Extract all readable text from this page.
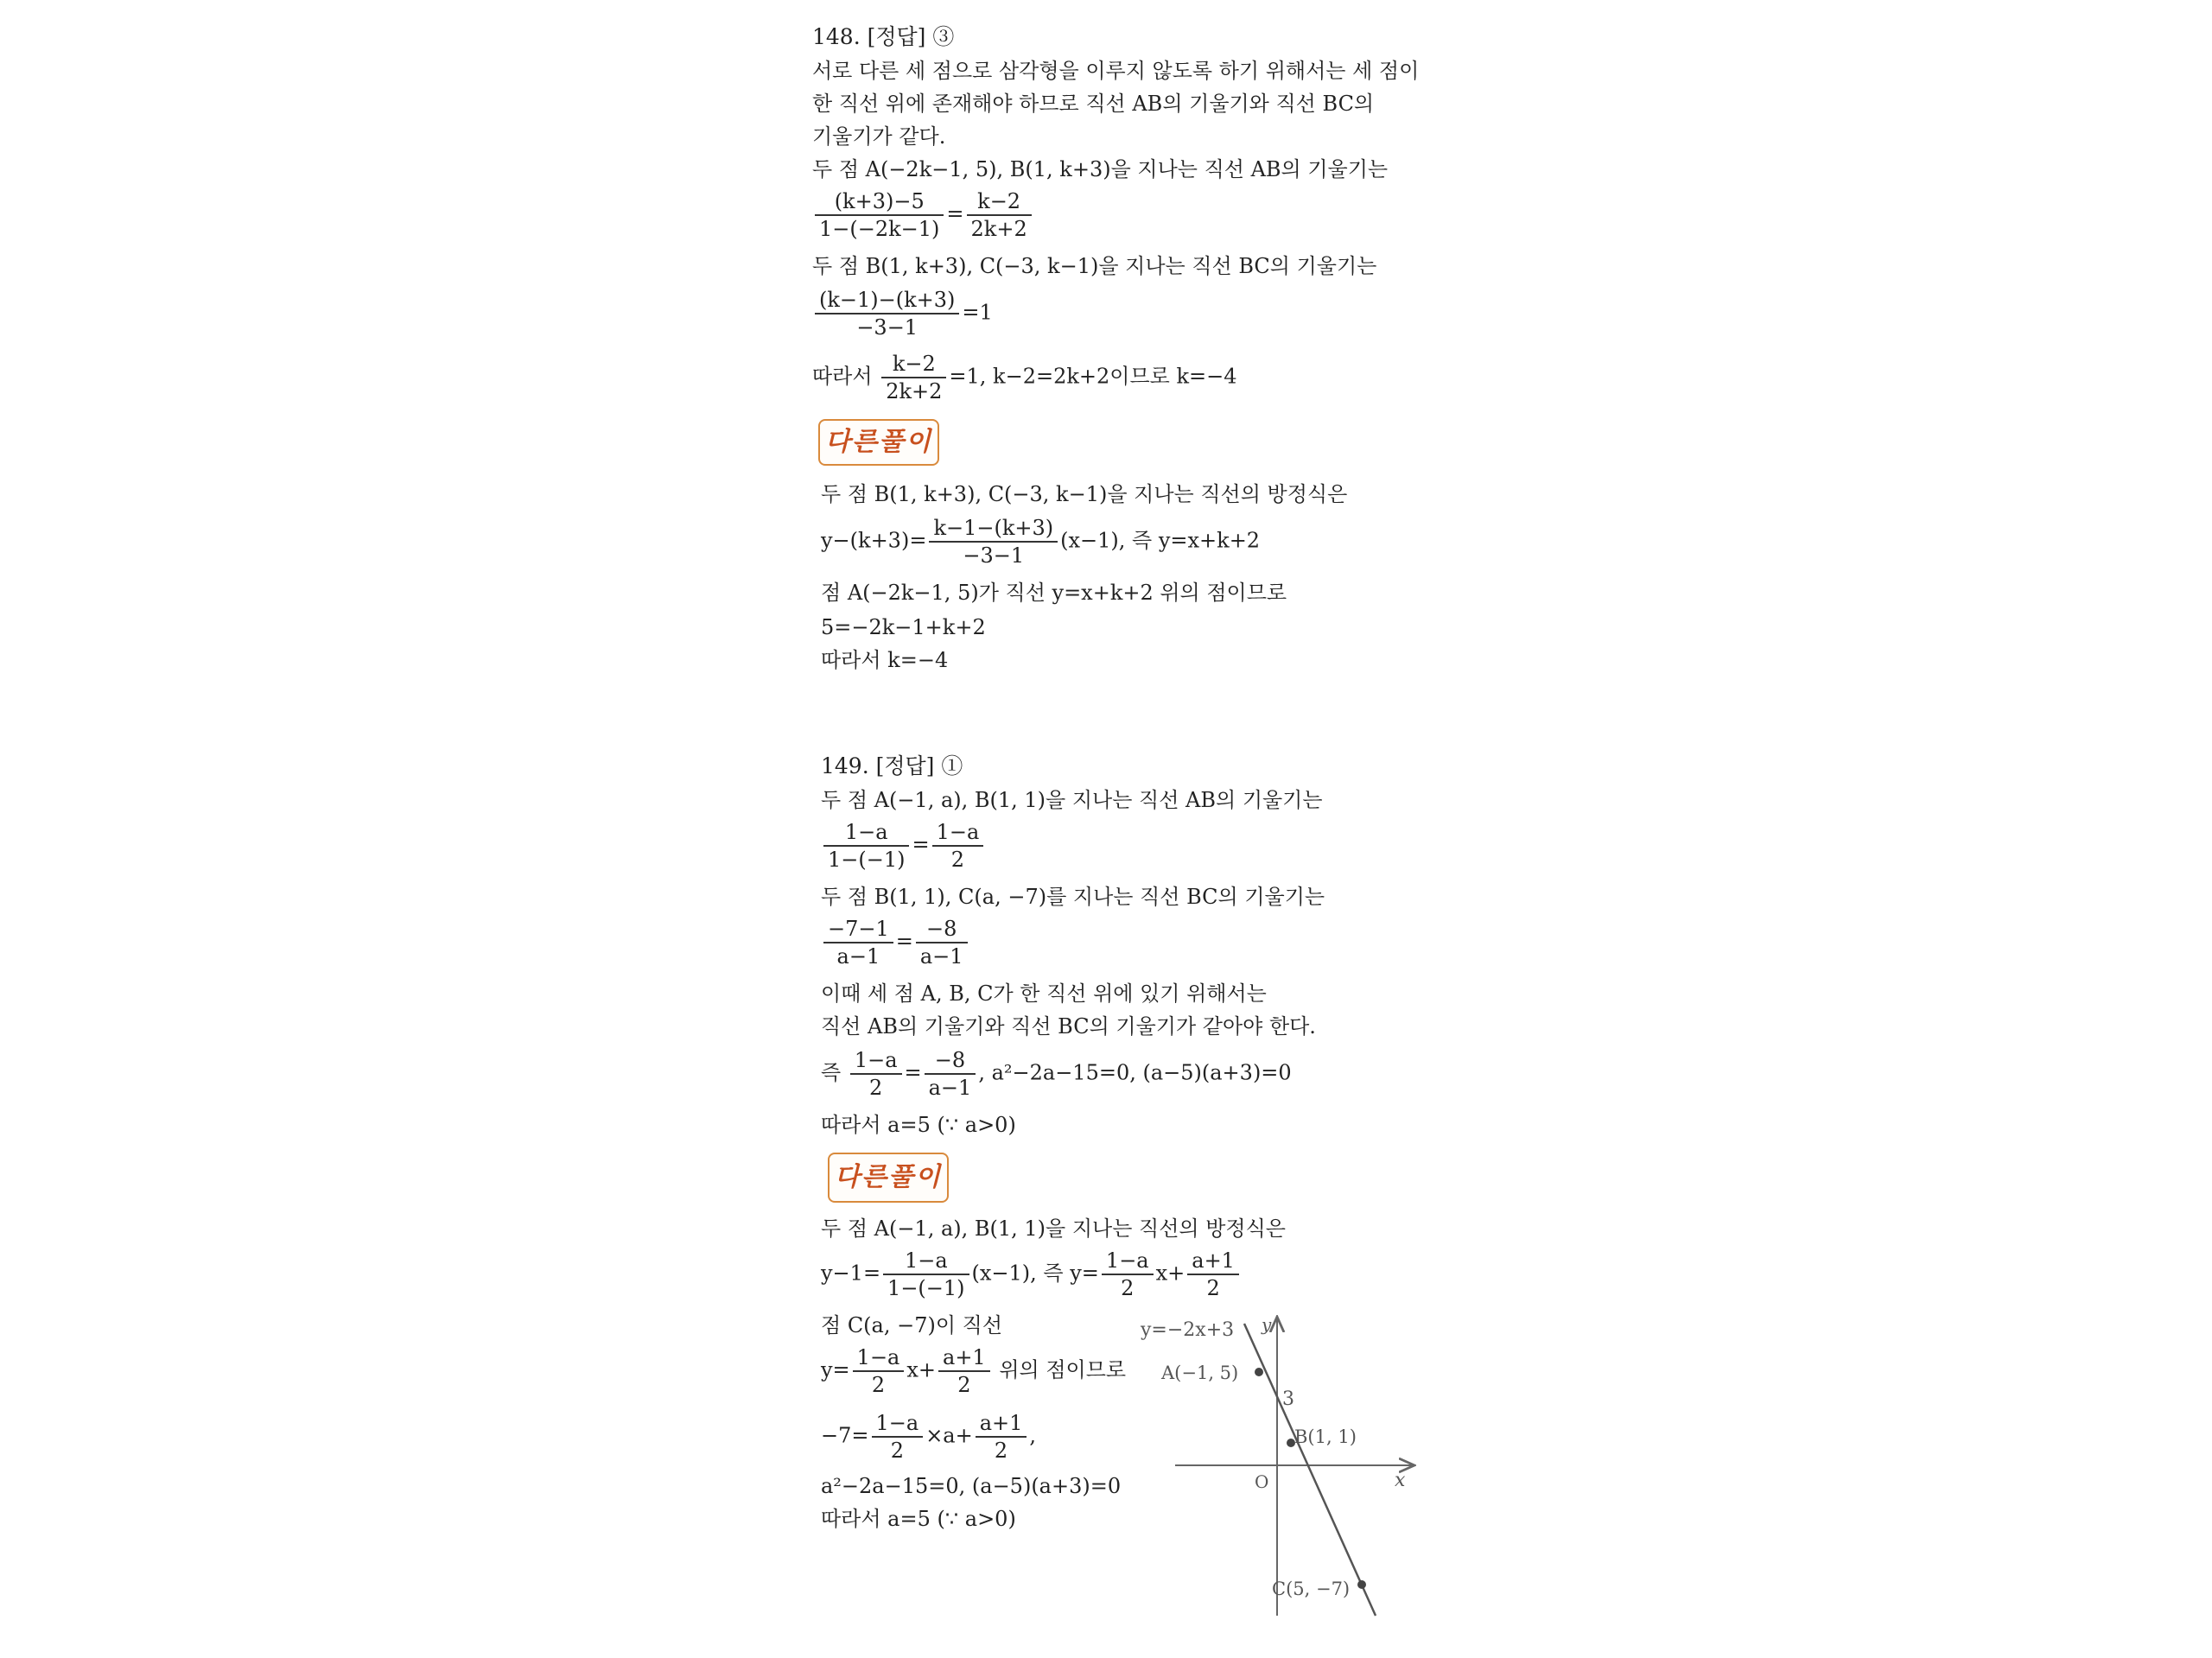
148. [정답] ③
서로 다른 세 점으로 삼각형을 이루지 않도록 하기 위해서는 세 점이
한 직선 위에 존재해야 하므로 직선 AB의 기울기와 직선 BC의
기울기가 같다.
두 점 A(−2k−1, 5), B(1, k+3)을 지나는 직선 AB의 기울기는
$\frac{(k+3)-5}{1-(-2k-1)} = \frac{k-2}{2k+2}$
두 점 B(1, k+3), C(−3, k−1)을 지나는 직선 BC의 기울기는
$\frac{(k-1)-(k+3)}{-3-1} =1$
따라서 $\frac{k-2}{2k+2} =1$, k−2=2k+2이므로 k=−4
다른풀이
두 점 B(1, k+3), C(−3, k−1)을 지나는 직선의 방정식은
$y-(k+3)= \frac{k-1-(k+3)}{-3-1} (x-1)$, 즉 y=x+k+2
점 A(−2k−1, 5)가 직선 y=x+k+2 위의 점이므로
5=−2k−1+k+2
따라서 k=−4
149. [정답] ①
두 점 A(−1, a), B(1, 1)을 지나는 직선 AB의 기울기는
$\frac{1-a}{1-(-1)} = \frac{1-a}{2}$
두 점 B(1, 1), C(a, −7)를 지나는 직선 BC의 기울기는
$\frac{-7-1}{a-1} = \frac{-8}{a-1}$
이때 세 점 A, B, C가 한 직선 위에 있기 위해서는
직선 AB의 기울기와 직선 BC의 기울기가 같아야 한다.
즉 $\frac{1-a}{2} = \frac{-8}{a-1}$ , a²−2a−15=0, (a−5)(a+3)=0
따라서 a=5 (∵ a>0)
다른풀이
두 점 A(−1, a), B(1, 1)을 지나는 직선의 방정식은
$y-1= \frac{1-a}{1-(-1)} (x-1)$, 즉 $y= \frac{1-a}{2} x+ \frac{a+1}{2}$
점 C(a, −7)이 직선
$y= \frac{1-a}{2} x+ \frac{a+1}{2}$ 위의 점이므로
$-7= \frac{1-a}{2} \times a+ \frac{a+1}{2}$ ,
a²−2a−15=0, (a−5)(a+3)=0
따라서 a=5 (∵ a>0)
y=−2x+3 y
x
O
3
A(−1, 5)
B(1, 1)
C(5, −7)
